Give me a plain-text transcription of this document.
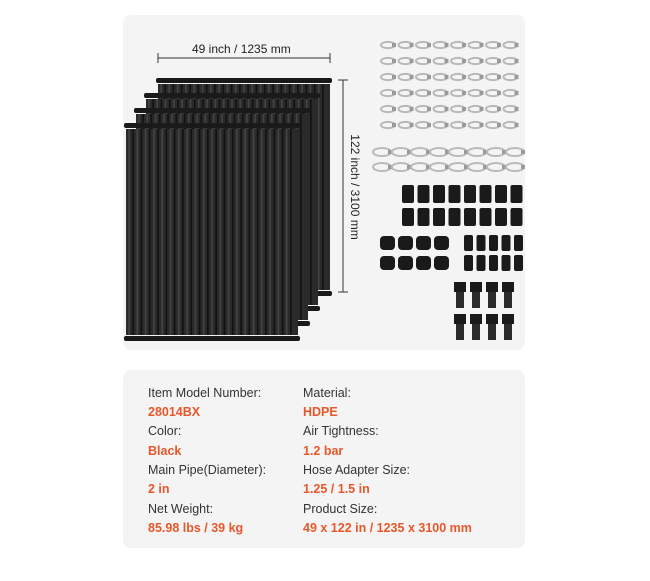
49 inch / 1235 mm
122 inch / 3100 mm
Item Model Number:
28014BX
Color:
Black
Main Pipe(Diameter):
2 in
Net Weight:
85.98 lbs / 39 kg
Material:
HDPE
Air Tightness:
1.2 bar
Hose Adapter Size:
1.25 / 1.5 in
Product Size:
49 x 122 in / 1235 x 3100 mm
